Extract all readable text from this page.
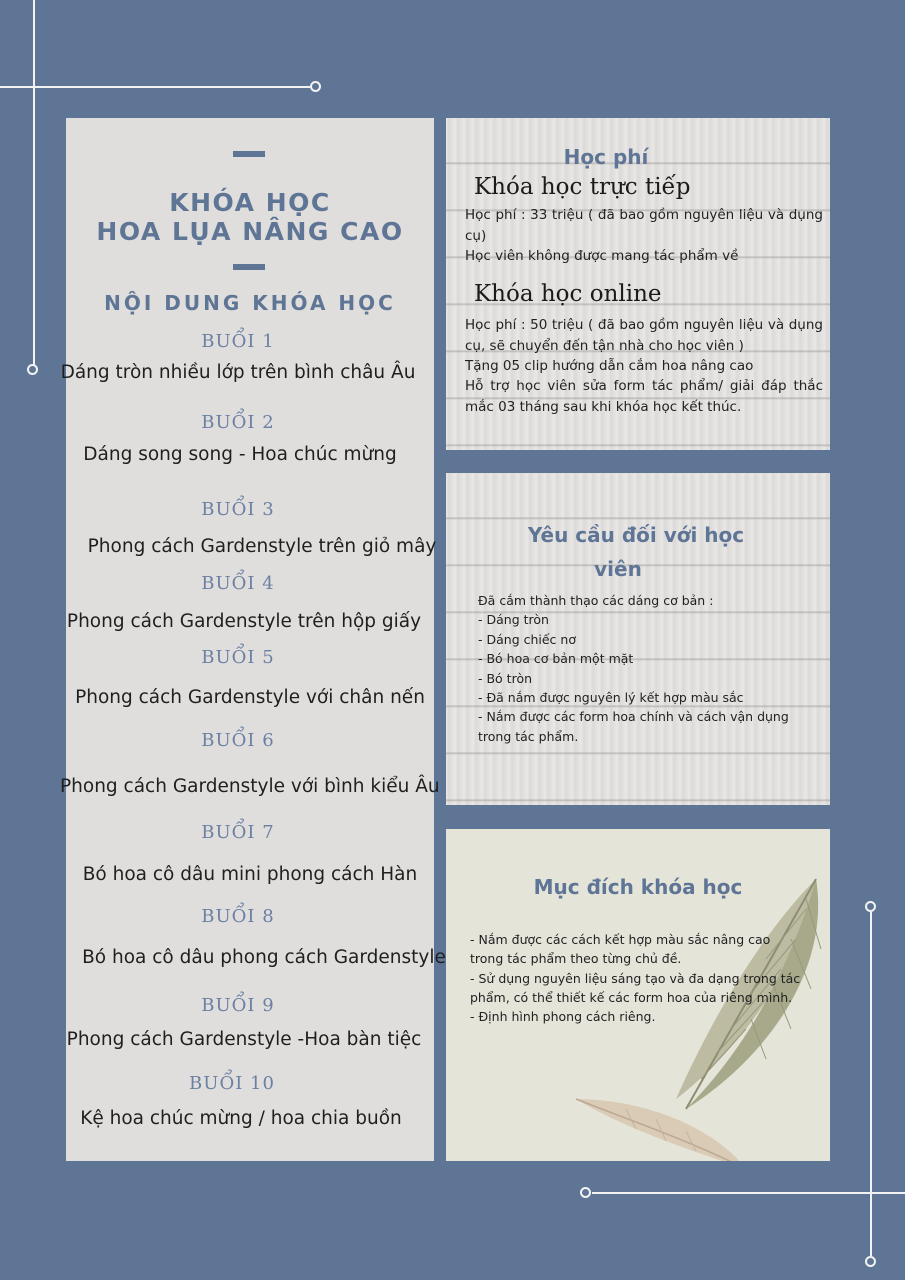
KHÓA HỌC
HOA LỤA NÂNG CAO
NỘI DUNG KHÓA HỌC
BUỔI 1
Dáng tròn nhiều lớp trên bình châu Âu
BUỔI 2
Dáng song song - Hoa chúc mừng
BUỔI 3
Phong cách Gardenstyle trên giỏ mây
BUỔI 4
Phong cách Gardenstyle trên hộp giấy
BUỔI 5
Phong cách Gardenstyle với chân nến
BUỔI 6
Phong cách Gardenstyle với bình kiểu Âu
BUỔI 7
Bó hoa cô dâu mini phong cách Hàn
BUỔI 8
Bó hoa cô dâu phong cách Gardenstyle
BUỔI 9
Phong cách Gardenstyle -Hoa bàn tiệc
BUỔI 10
Kệ hoa chúc mừng / hoa chia buồn
Học phí
Khóa học trực tiếp
Học phí : 33 triệu ( đã bao gồm nguyên liệu và dụng cụ)
Học viên không được mang tác phẩm về
Khóa học online
Học phí : 50 triệu ( đã bao gồm nguyên liệu và dụng cụ, sẽ chuyển đến tận nhà cho học viên )
Tặng 05 clip hướng dẫn cắm hoa nâng cao
Hỗ trợ học viên sửa form tác phẩm/ giải đáp thắc mắc 03 tháng sau khi khóa học kết thúc.
Yêu cầu đối với học
viên
Đã cắm thành thạo các dáng cơ bản :
- Dáng tròn
- Dáng chiếc nơ
- Bó hoa cơ bản một mặt
- Bó tròn
- Đã nắm được nguyên lý kết hợp màu sắc
- Nắm được các form hoa chính và cách vận dụng
trong tác phẩm.
Mục đích khóa học
- Nắm được các cách kết hợp màu sắc nâng cao trong tác phẩm theo từng chủ đề.
- Sử dụng nguyên liệu sáng tạo và đa dạng trong tác phẩm, có thể thiết kế các form hoa của riêng mình.
- Định hình phong cách riêng.
